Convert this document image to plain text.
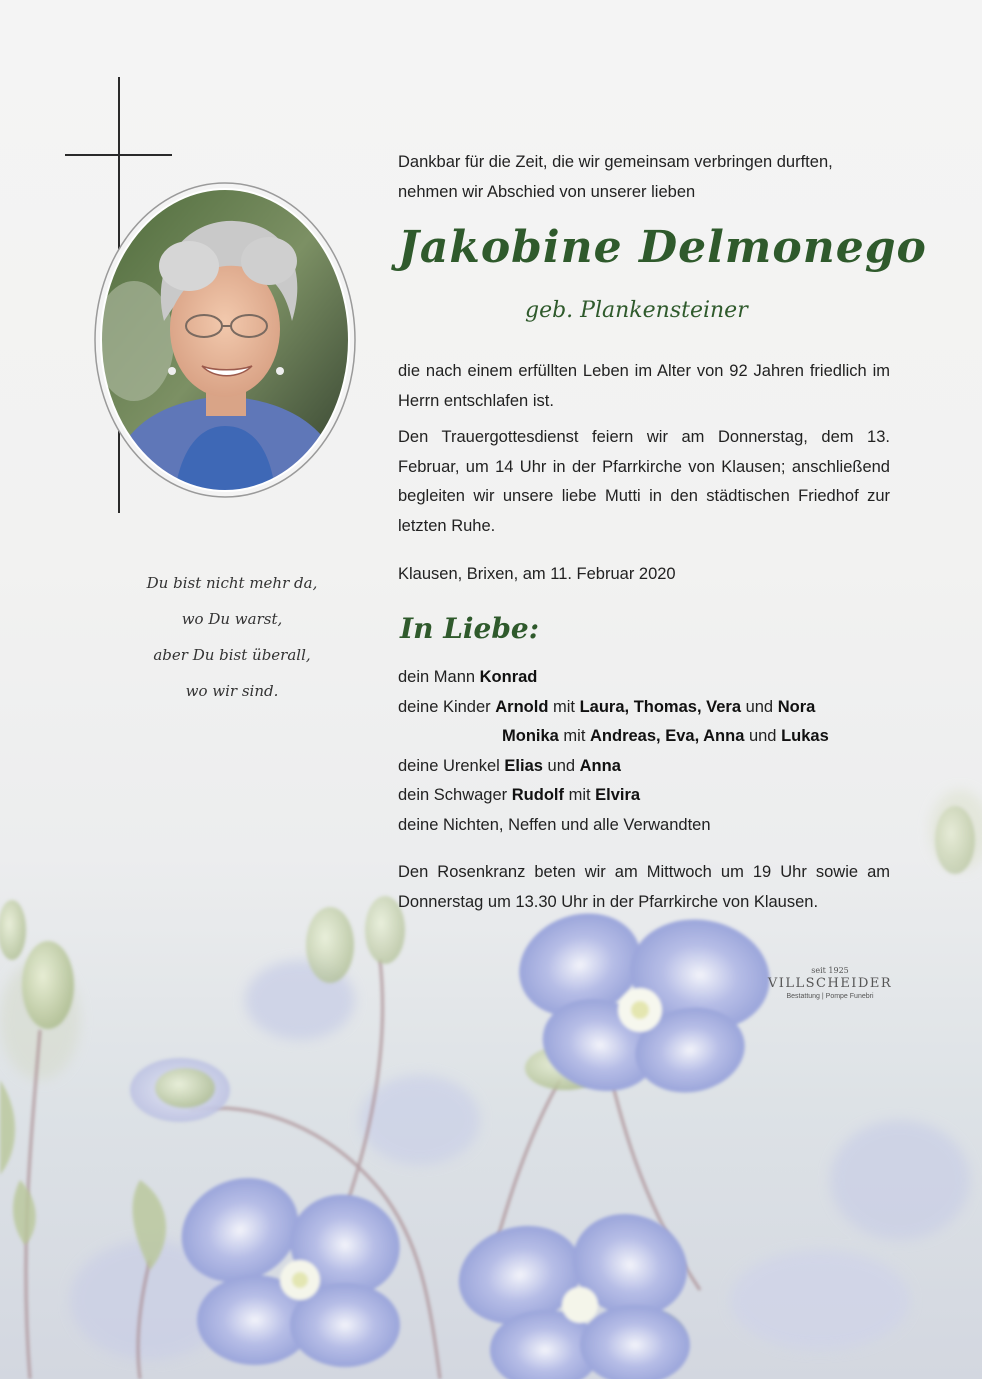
Du bist nicht mehr da,

wo Du warst,

aber Du bist überall,

wo wir sind.

Dankbar für die Zeit, die wir gemeinsam verbringen durften,

nehmen wir Abschied von unserer lieben

Jakobine Delmonego
geb. Plankensteiner
die nach einem erfüllten Leben im Alter von 92 Jahren friedlich im Herrn entschlafen ist.
Den Trauergottesdienst feiern wir am Donnerstag, dem 13. Februar, um 14 Uhr in der Pfarrkirche von Klausen; anschließend begleiten wir unsere liebe Mutti in den städtischen Friedhof zur letzten Ruhe.
Klausen, Brixen, am 11. Februar 2020
In Liebe:
dein Mann Konrad
deine Kinder Arnold mit Laura, Thomas, Vera und Nora
Monika mit Andreas, Eva, Anna und Lukas
deine Urenkel Elias und Anna
dein Schwager Rudolf mit Elvira
deine Nichten, Neffen und alle Verwandten
Den Rosenkranz beten wir am Mittwoch um 19 Uhr sowie am Donnerstag um 13.30 Uhr in der Pfarrkirche von Klausen.
seit 1925
VILLSCHEIDER
Bestattung | Pompe Funebri
